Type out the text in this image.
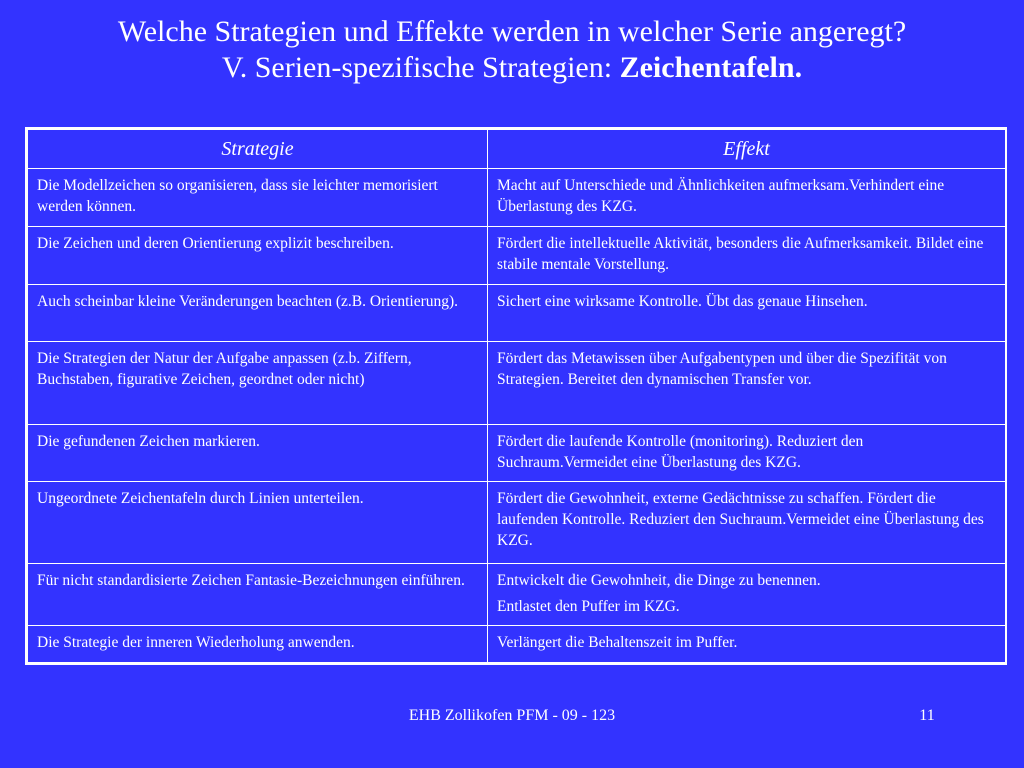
Welche Strategien und Effekte werden in welcher Serie angeregt?
V. Serien-spezifische Strategien: Zeichentafeln.
Strategie	Effekt

Die Modellzeichen so organisieren, dass sie leichter memorisiert werden können.	Macht auf Unterschiede und Ähnlichkeiten aufmerksam.Verhindert eine Überlastung des KZG.

Die Zeichen und deren Orientierung explizit beschreiben.	Fördert die intellektuelle Aktivität, besonders die Aufmerksamkeit. Bildet eine stabile mentale Vorstellung.

Auch scheinbar kleine Veränderungen beachten (z.B. Orientierung).	Sichert eine wirksame Kontrolle. Übt das genaue Hinsehen.

Die Strategien der Natur der Aufgabe anpassen (z.b. Ziffern, Buchstaben, figurative Zeichen, geordnet oder nicht)	Fördert das Metawissen über Aufgabentypen und über die Spezifität von Strategien. Bereitet den dynamischen Transfer vor.

Die gefundenen Zeichen markieren.	Fördert die laufende Kontrolle (monitoring). Reduziert den Suchraum.Vermeidet eine Überlastung des KZG.

Ungeordnete Zeichentafeln durch Linien unterteilen.	Fördert die Gewohnheit, externe Gedächtnisse zu schaffen. Fördert die laufenden Kontrolle. Reduziert den Suchraum.Vermeidet eine Überlastung des KZG.

Für nicht standardisierte Zeichen Fantasie-Bezeichnungen einführen.	Entwickelt die Gewohnheit, die Dinge zu benennen.

Entlastet den Puffer im KZG.

Die Strategie der inneren Wiederholung anwenden.	Verlängert die Behaltenszeit im Puffer.

EHB Zollikofen PFM - 09 - 123	11
